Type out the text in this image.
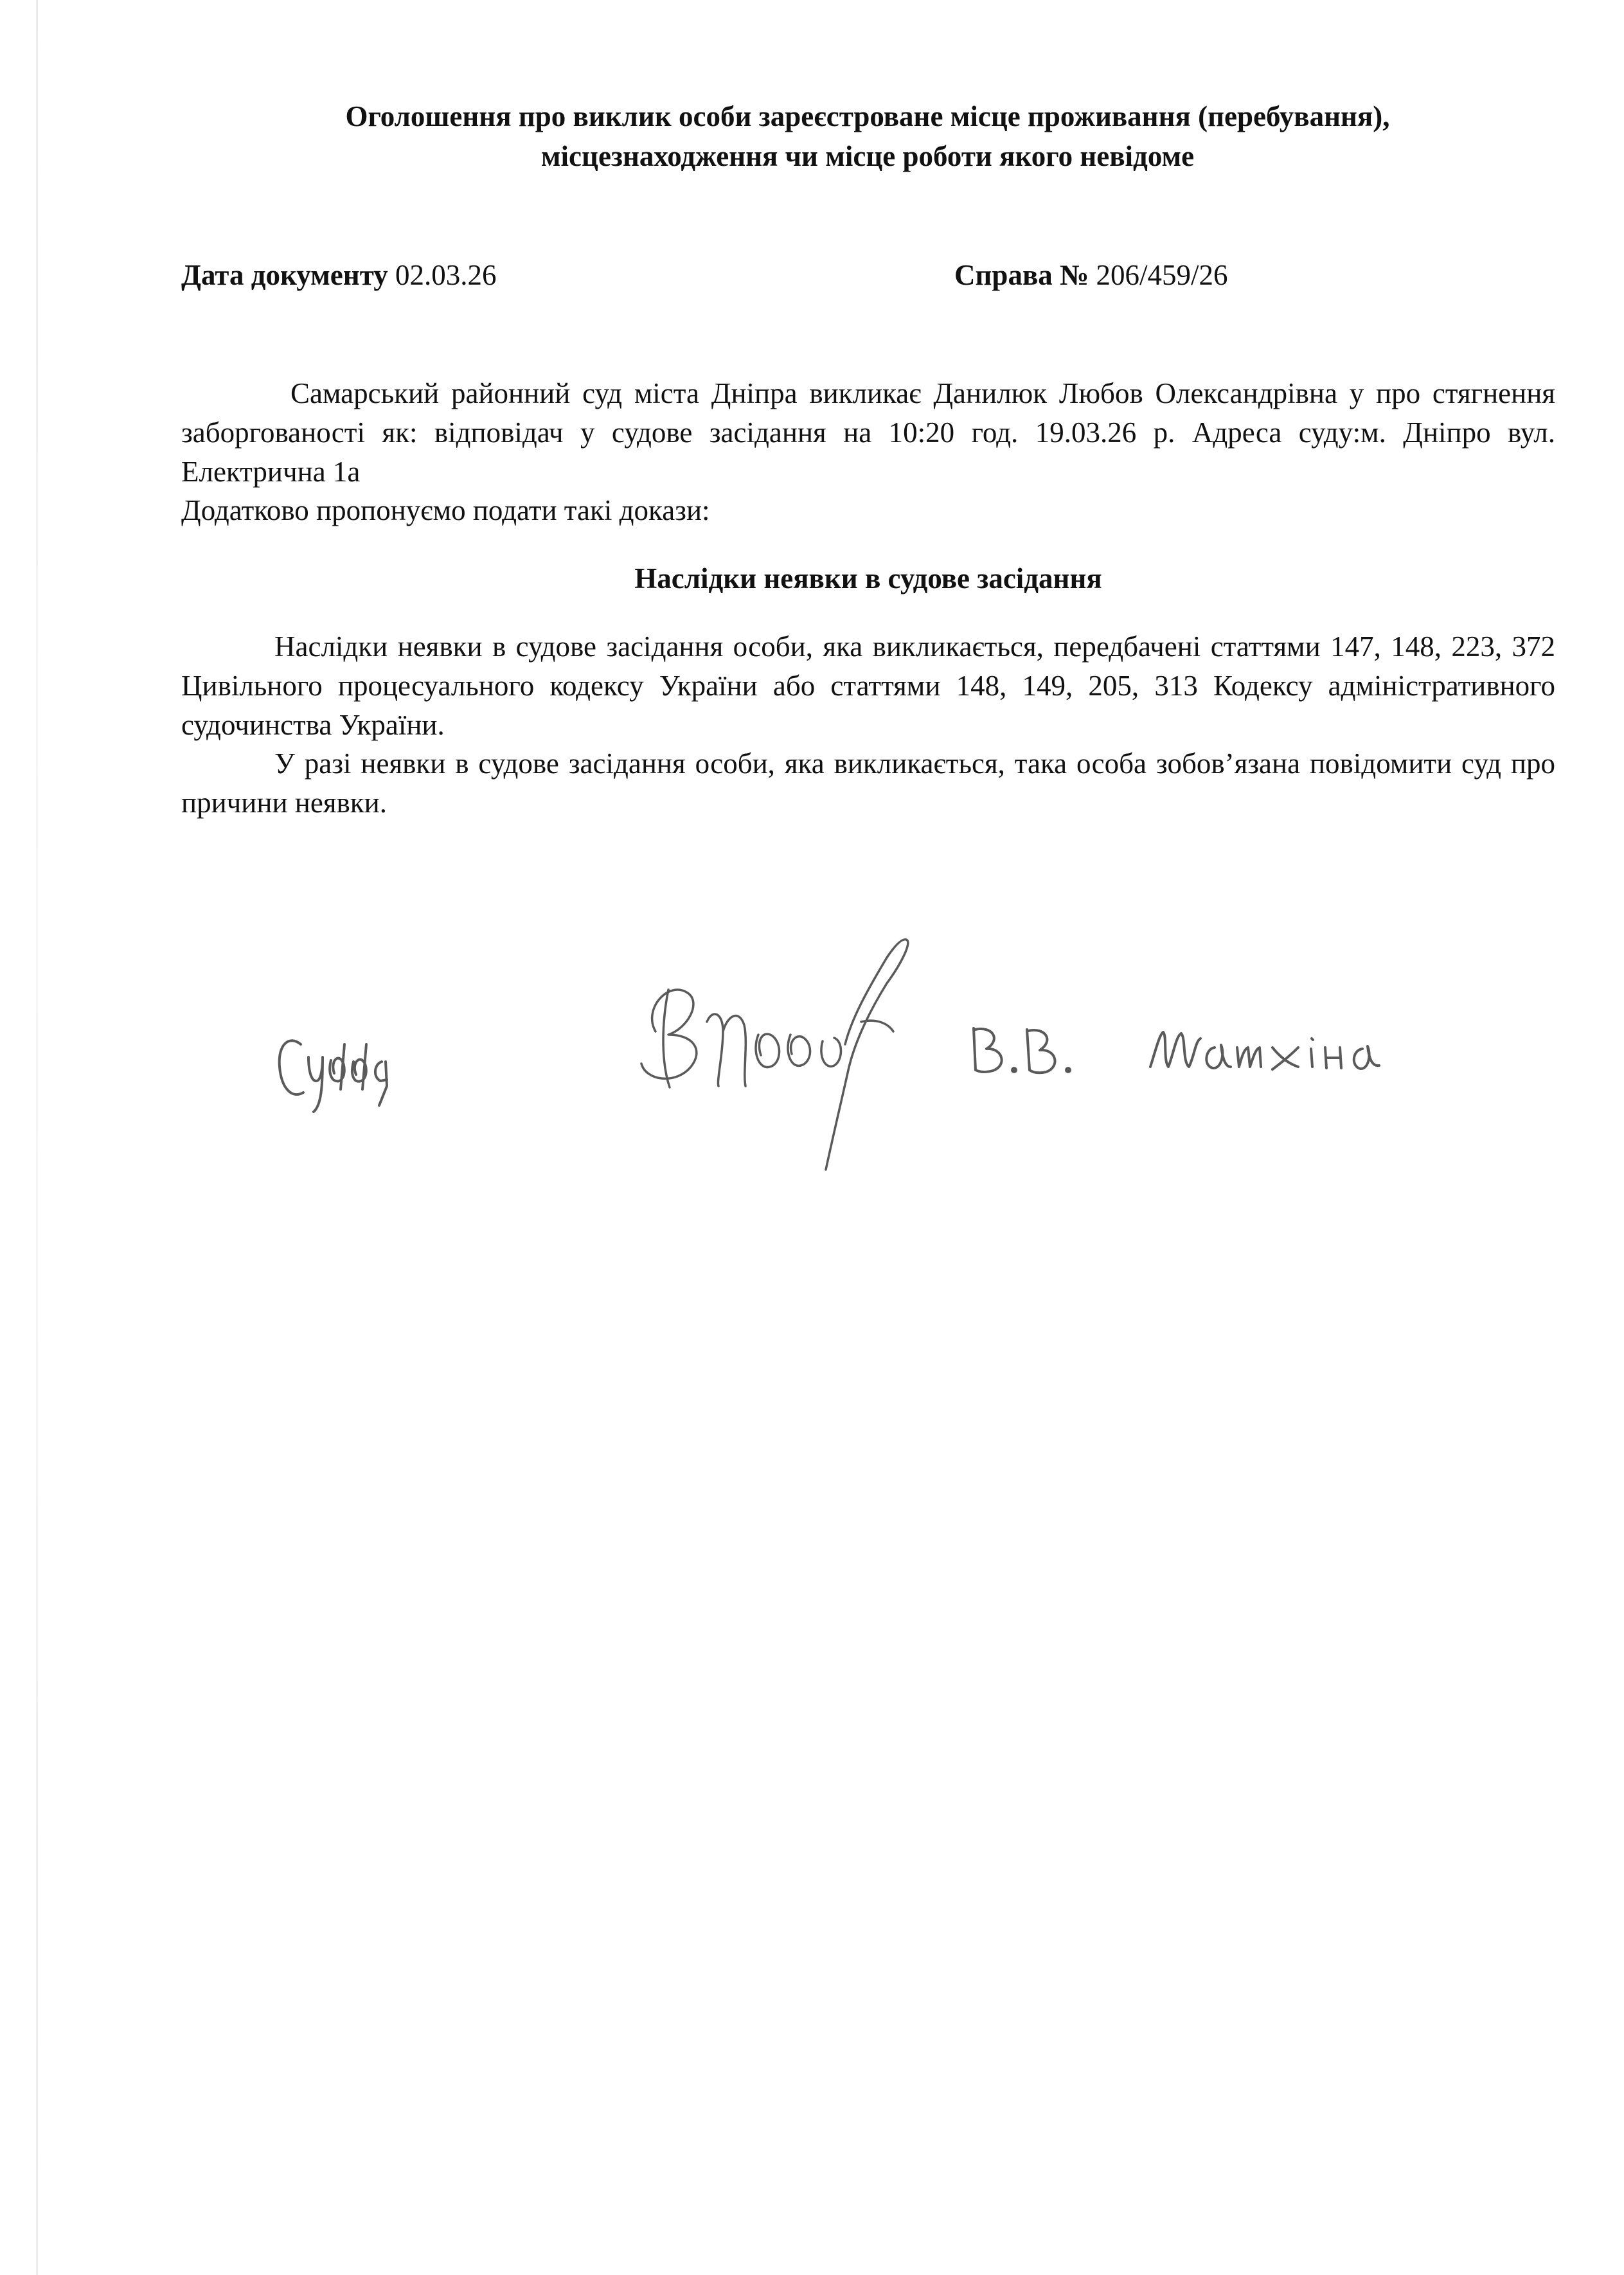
Оголошення про виклик особи зареєстроване місце проживання (перебування),
місцезнаходження чи місце роботи якого невідоме
Дата документу 02.03.26	Справа № 206/459/26

Самарський районний суд міста Дніпра викликає Данилюк Любов Олександрівна у про стягнення заборгованості як: відповідач у судове засідання на 10:20 год. 19.03.26 р. Адреса суду:м. Дніпро вул. Електрична 1а

Додатково пропонуємо подати такі докази:

Наслідки неявки в судове засідання

Наслідки неявки в судове засідання особи, яка викликається, передбачені статтями 147, 148, 223, 372 Цивільного процесуального кодексу України або статтями 148, 149, 205, 313 Кодексу адміністративного судочинства України.

У разі неявки в судове засідання особи, яка викликається, така особа зобов’язана повідомити суд про причини неявки.
